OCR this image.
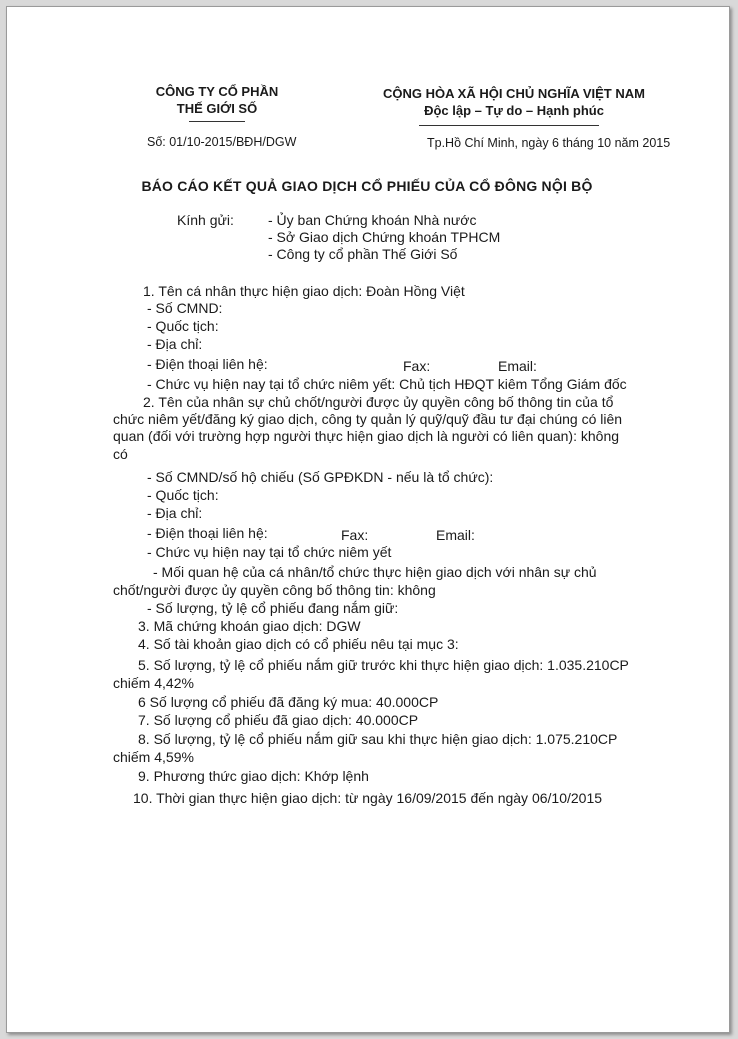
CÔNG TY CỔ PHẦN
THẾ GIỚI SỐ
Số: 01/10-2015/BĐH/DGW
CỘNG HÒA XÃ HỘI CHỦ NGHĨA VIỆT NAM
Độc lập – Tự do – Hạnh phúc
Tp.Hồ Chí Minh, ngày 6 tháng 10 năm 2015
BÁO CÁO KẾT QUẢ GIAO DỊCH CỔ PHIẾU CỦA CỔ ĐÔNG NỘI BỘ
Kính gửi: - Ủy ban Chứng khoán Nhà nước
- Sở Giao dịch Chứng khoán TPHCM
- Công ty cổ phần Thế Giới Số
1. Tên cá nhân thực hiện giao dịch: Đoàn Hồng Việt
- Số CMND:
- Quốc tịch:
- Địa chỉ:
- Điện thoại liên hệ:	Fax:	Email:
- Chức vụ hiện nay tại tổ chức niêm yết: Chủ tịch HĐQT kiêm Tổng Giám đốc
2. Tên của nhân sự chủ chốt/người được ủy quyền công bố thông tin của tổ
chức niêm yết/đăng ký giao dịch, công ty quản lý quỹ/quỹ đầu tư đại chúng có liên
quan (đối với trường hợp người thực hiện giao dịch là người có liên quan): không
có
- Số CMND/số hộ chiếu (Số GPĐKDN - nếu là tổ chức):
- Quốc tịch:
- Địa chỉ:
- Điện thoại liên hệ:	Fax:	Email:
- Chức vụ hiện nay tại tổ chức niêm yết
- Mối quan hệ của cá nhân/tổ chức thực hiện giao dịch với nhân sự chủ
chốt/người được ủy quyền công bố thông tin: không
- Số lượng, tỷ lệ cổ phiếu đang nắm giữ:
3. Mã chứng khoán giao dịch: DGW
4. Số tài khoản giao dịch có cổ phiếu nêu tại mục 3:
5. Số lượng, tỷ lệ cổ phiếu nắm giữ trước khi thực hiện giao dịch: 1.035.210CP
chiếm 4,42%
6 Số lượng cổ phiếu đã đăng ký mua: 40.000CP
7. Số lượng cổ phiếu đã giao dịch: 40.000CP
8. Số lượng, tỷ lệ cổ phiếu nắm giữ sau khi thực hiện giao dịch: 1.075.210CP
chiếm 4,59%
9. Phương thức giao dịch: Khớp lệnh
10. Thời gian thực hiện giao dịch: từ ngày 16/09/2015 đến ngày 06/10/2015
